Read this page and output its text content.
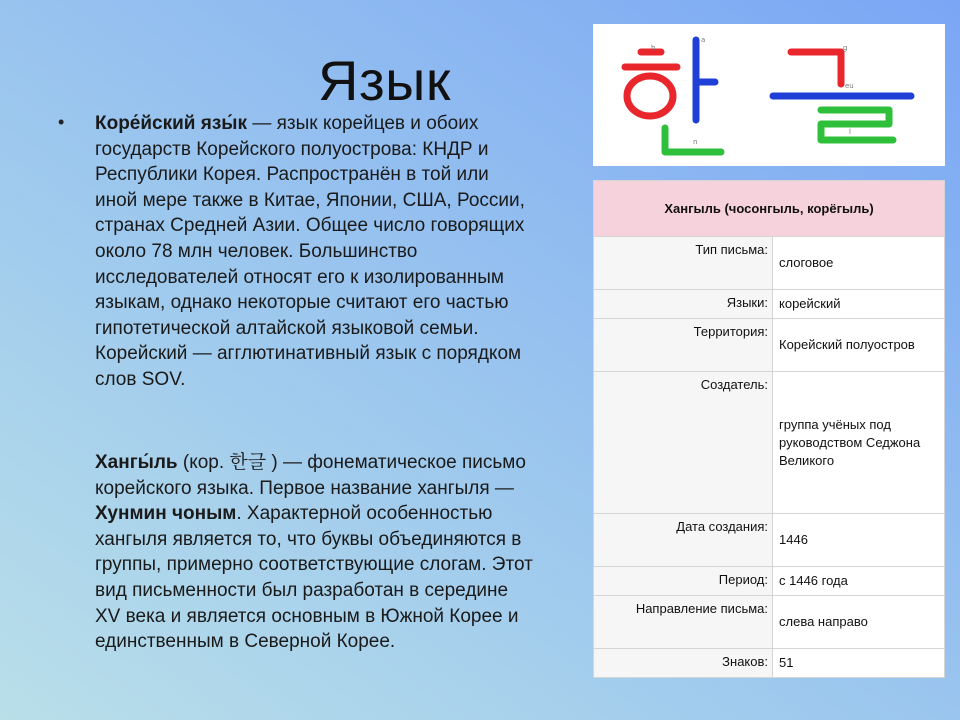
Язык
• Коре́йский язы́к — язык корейцев и обоих государств Корейского полуострова: КНДР и Республики Корея. Распространён в той или иной мере также в Китае, Японии, США, России, странах Средней Азии. Общее число говорящих около 78 млн человек. Большинство исследователей относят его к изолированным языкам, однако некоторые считают его частью гипотетической алтайской языковой семьи. Корейский — агглютинативный язык с порядком слов SOV.
Хангы́ль (кор. 한글 ) — фонематическое письмо корейского языка. Первое название хангыля — Хунмин чоным. Характерной особенностью хангыля является то, что буквы объединяются в группы, примерно соответствующие слогам. Этот вид письменности был разработан в середине XV века и является основным в Южной Корее и единственным в Северной Корее.
h
a
n
g
eu
l
Хангыль (чосонгыль, корёгыль)	
Тип письма:	слоговое
Языки:	корейский
Территория:	Корейский полуостров
Создатель:	группа учёных под руководством Седжона Великого
Дата создания:	1446
Период:	с 1446 года
Направление письма:	слева направо
Знаков:	51
